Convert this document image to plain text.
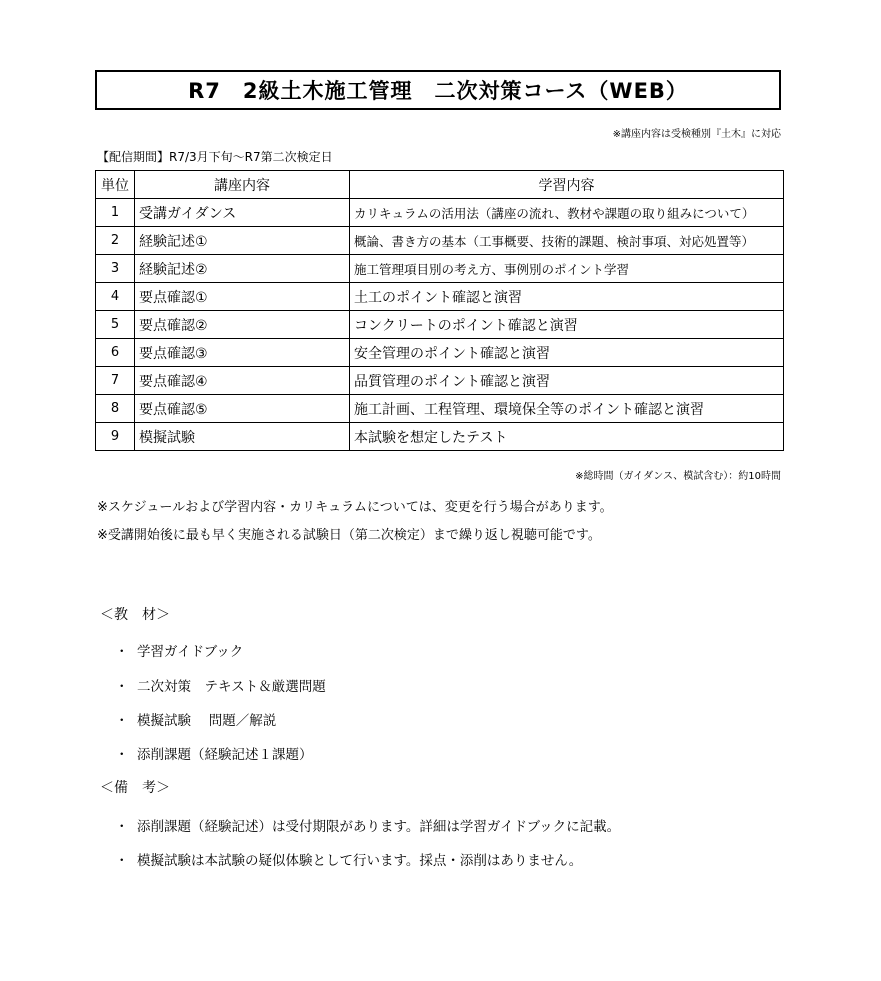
R7　2級土木施工管理　二次対策コース（WEB）
※講座内容は受検種別『土木』に対応
【配信期間】R7/3月下旬～R7第二次検定日
単位	講座内容	学習内容
1	受講ガイダンス	カリキュラムの活用法（講座の流れ、教材や課題の取り組みについて）
2	経験記述①	概論、書き方の基本（工事概要、技術的課題、検討事項、対応処置等）
3	経験記述②	施工管理項目別の考え方、事例別のポイント学習
4	要点確認①	土工のポイント確認と演習
5	要点確認②	コンクリートのポイント確認と演習
6	要点確認③	安全管理のポイント確認と演習
7	要点確認④	品質管理のポイント確認と演習
8	要点確認⑤	施工計画、工程管理、環境保全等のポイント確認と演習
9	模擬試験	本試験を想定したテスト
※総時間（ガイダンス、模試含む）：約10時間
※スケジュールおよび学習内容・カリキュラムについては、変更を行う場合があります。
※受講開始後に最も早く実施される試験日（第二次検定）まで繰り返し視聴可能です。
＜教　材＞
・ 学習ガイドブック
・ 二次対策　テキスト＆厳選問題
・ 模擬試験　 問題／解説
・ 添削課題（経験記述１課題）
＜備　考＞
・ 添削課題（経験記述）は受付期限があります。詳細は学習ガイドブックに記載。
・ 模擬試験は本試験の疑似体験として行います。採点・添削はありません。
